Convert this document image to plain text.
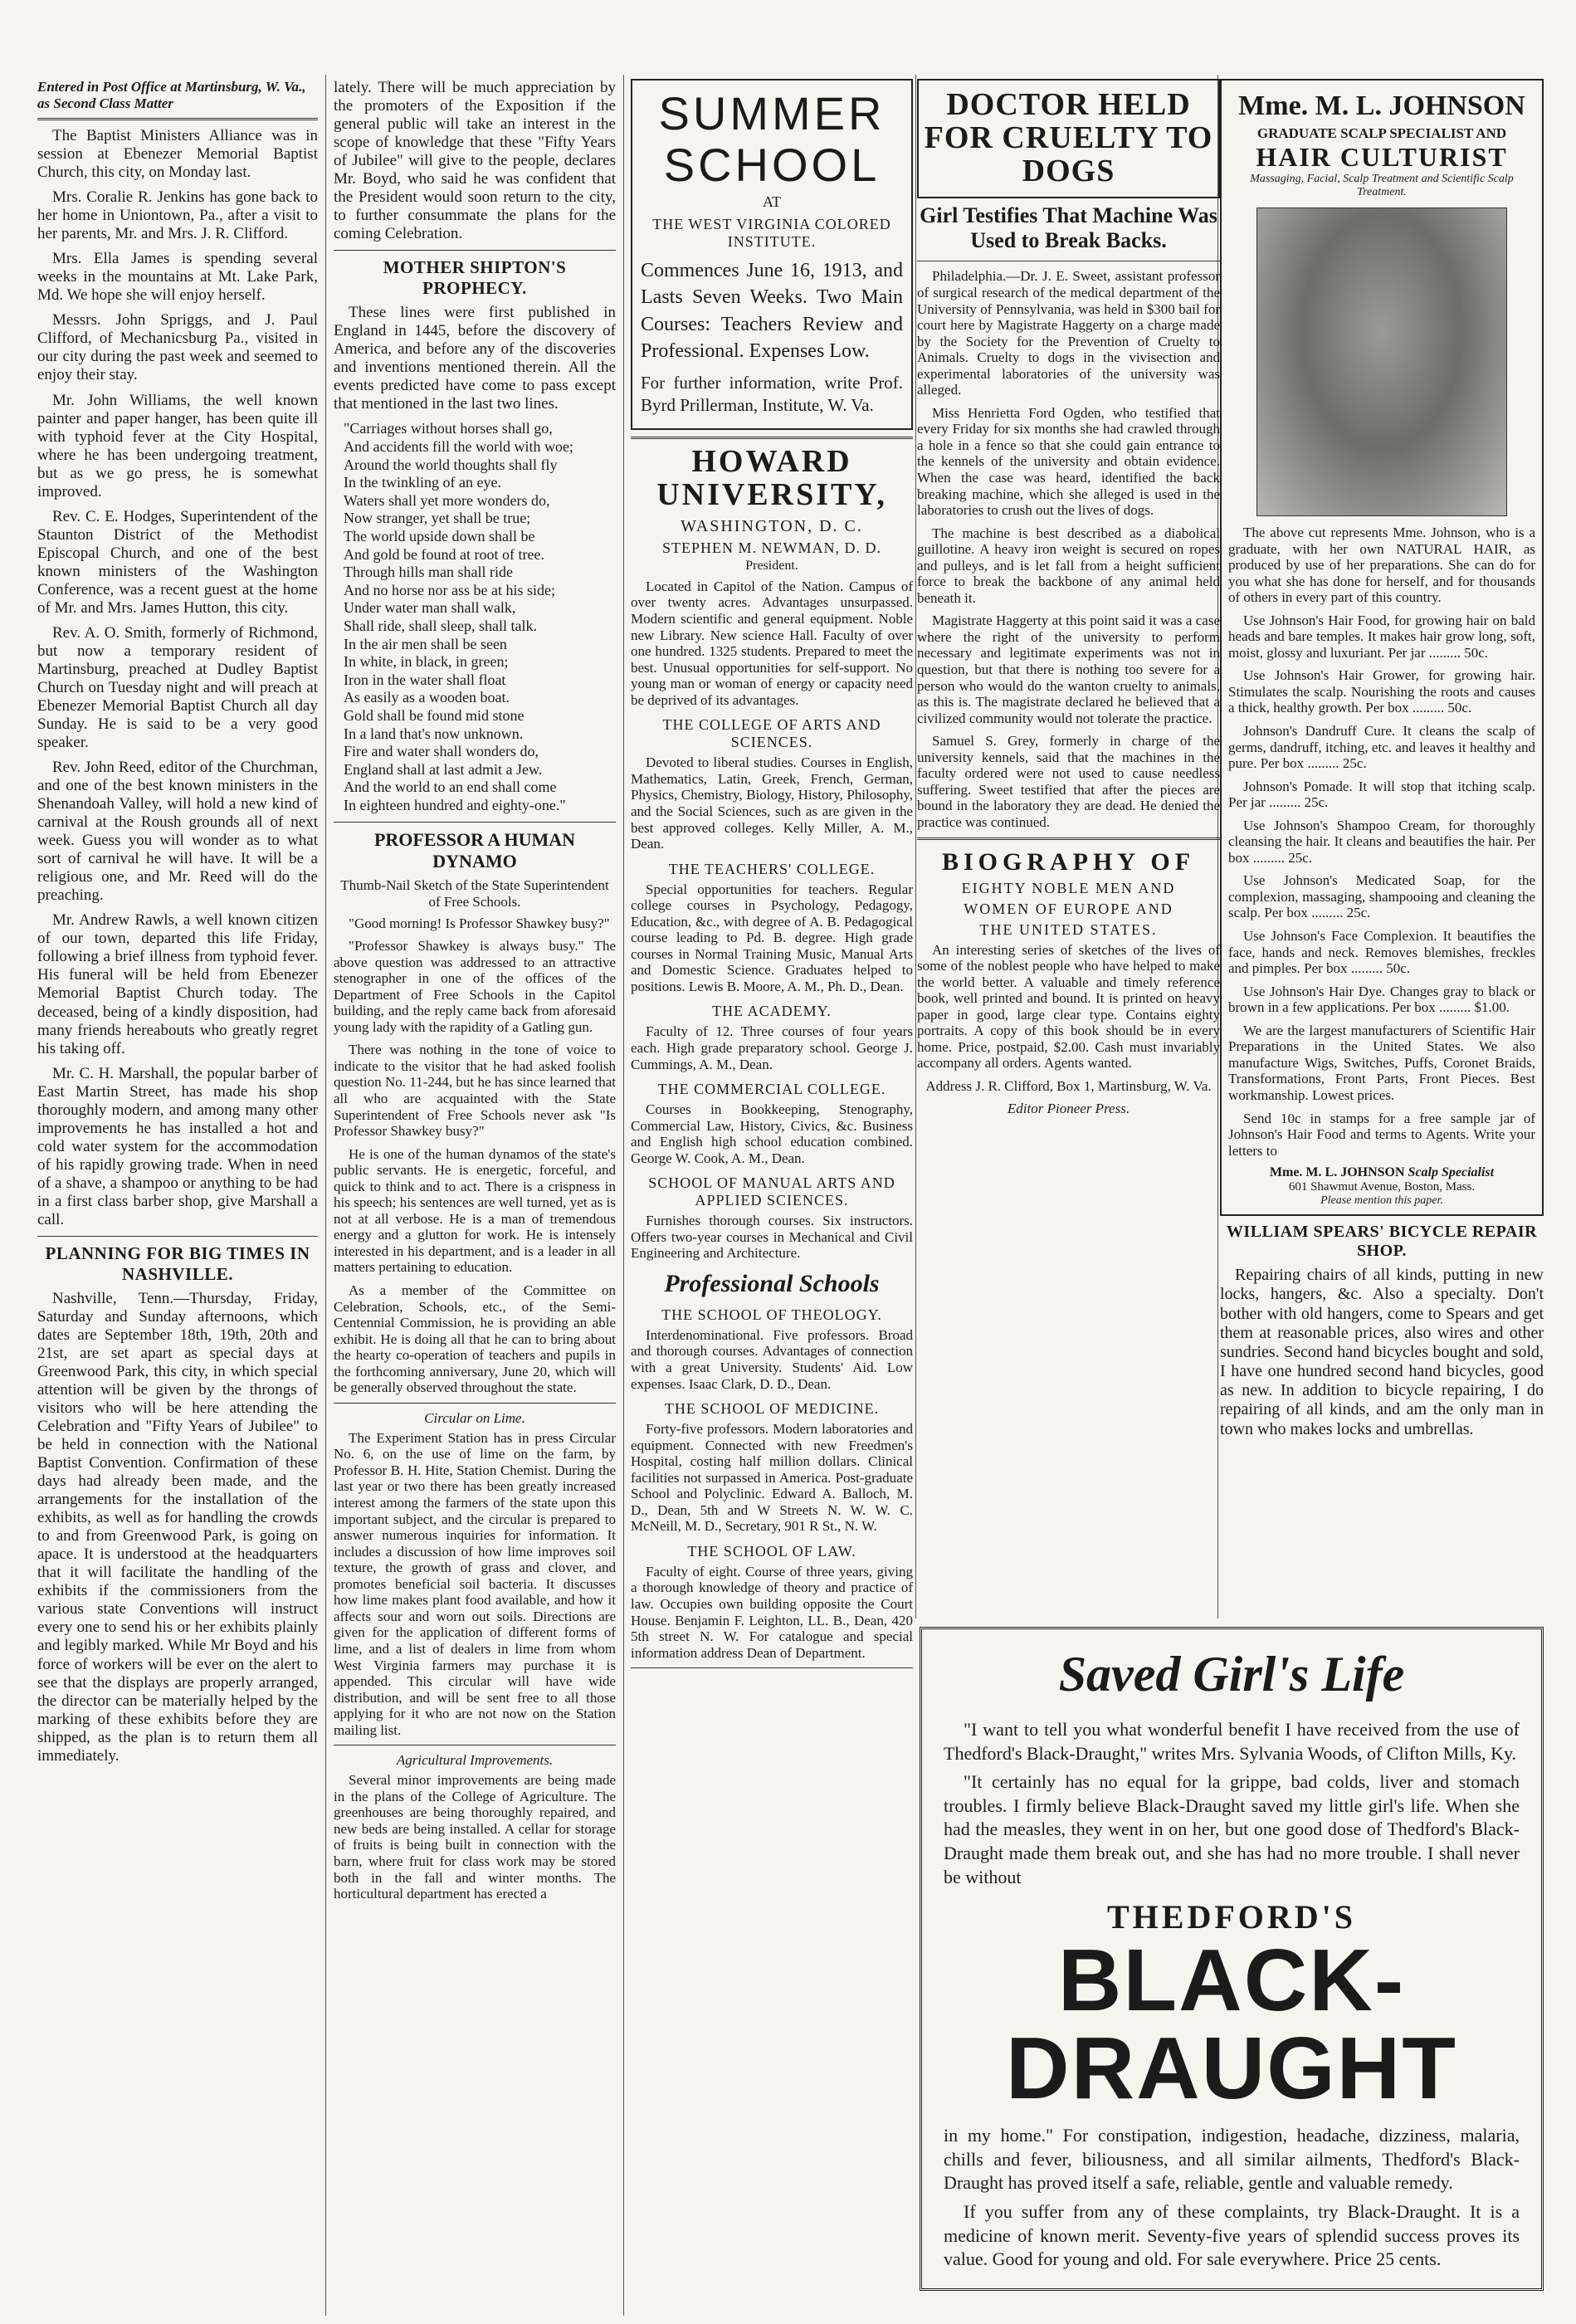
Entered in Post Office at Martinsburg, W. Va., as Second Class Matter

The Baptist Ministers Alliance was in session at Ebenezer Memorial Baptist Church, this city, on Monday last.

Mrs. Coralie R. Jenkins has gone back to her home in Uniontown, Pa., after a visit to her parents, Mr. and Mrs. J. R. Clifford.

Mrs. Ella James is spending several weeks in the mountains at Mt. Lake Park, Md. We hope she will enjoy herself.

Messrs. John Spriggs, and J. Paul Clifford, of Mechanicsburg Pa., visited in our city during the past week and seemed to enjoy their stay.

Mr. John Williams, the well known painter and paper hanger, has been quite ill with typhoid fever at the City Hospital, where he has been undergoing treatment, but as we go press, he is somewhat improved.

Rev. C. E. Hodges, Superintendent of the Staunton District of the Methodist Episcopal Church, and one of the best known ministers of the Washington Conference, was a recent guest at the home of Mr. and Mrs. James Hutton, this city.

Rev. A. O. Smith, formerly of Richmond, but now a temporary resident of Martinsburg, preached at Dudley Baptist Church on Tuesday night and will preach at Ebenezer Memorial Baptist Church all day Sunday. He is said to be a very good speaker.

Rev. John Reed, editor of the Churchman, and one of the best known ministers in the Shenandoah Valley, will hold a new kind of carnival at the Roush grounds all of next week. Guess you will wonder as to what sort of carnival he will have. It will be a religious one, and Mr. Reed will do the preaching.

Mr. Andrew Rawls, a well known citizen of our town, departed this life Friday, following a brief illness from typhoid fever. His funeral will be held from Ebenezer Memorial Baptist Church today. The deceased, being of a kindly disposition, had many friends hereabouts who greatly regret his taking off.

Mr. C. H. Marshall, the popular barber of East Martin Street, has made his shop thoroughly modern, and among many other improvements he has installed a hot and cold water system for the accommodation of his rapidly growing trade. When in need of a shave, a shampoo or anything to be had in a first class barber shop, give Marshall a call.

PLANNING FOR BIG TIMES IN NASHVILLE.

Nashville, Tenn.—Thursday, Friday, Saturday and Sunday afternoons, which dates are September 18th, 19th, 20th and 21st, are set apart as special days at Greenwood Park, this city, in which special attention will be given by the throngs of visitors who will be here attending the Celebration and "Fifty Years of Jubilee" to be held in connection with the National Baptist Convention. Confirmation of these days had already been made, and the arrangements for the installation of the exhibits, as well as for handling the crowds to and from Greenwood Park, is going on apace. It is understood at the headquarters that it will facilitate the handling of the exhibits if the commissioners from the various state Conventions will instruct every one to send his or her exhibits plainly and legibly marked. While Mr Boyd and his force of workers will be ever on the alert to see that the displays are properly arranged, the director can be materially helped by the marking of these exhibits before they are shipped, as the plan is to return them all immediately.

lately. There will be much appreciation by the promoters of the Exposition if the general public will take an interest in the scope of knowledge that these "Fifty Years of Jubilee" will give to the people, declares Mr. Boyd, who said he was confident that the President would soon return to the city, to further consummate the plans for the coming Celebration.

MOTHER SHIPTON'S PROPHECY.

These lines were first published in England in 1445, before the discovery of America, and before any of the discoveries and inventions mentioned therein. All the events predicted have come to pass except that mentioned in the last two lines.

"Carriages without horses shall go,
And accidents fill the world with woe;
Around the world thoughts shall fly
In the twinkling of an eye.
Waters shall yet more wonders do,
Now stranger, yet shall be true;
The world upside down shall be
And gold be found at root of tree.
Through hills man shall ride
And no horse nor ass be at his side;
Under water man shall walk,
Shall ride, shall sleep, shall talk.
In the air men shall be seen
In white, in black, in green;
Iron in the water shall float
As easily as a wooden boat.
Gold shall be found mid stone
In a land that's now unknown.
Fire and water shall wonders do,
England shall at last admit a Jew.
And the world to an end shall come
In eighteen hundred and eighty-one."
PROFESSOR A HUMAN DYNAMO
Thumb-Nail Sketch of the State Superintendent of Free Schools.

"Good morning! Is Professor Shawkey busy?"

"Professor Shawkey is always busy." The above question was addressed to an attractive stenographer in one of the offices of the Department of Free Schools in the Capitol building, and the reply came back from aforesaid young lady with the rapidity of a Gatling gun.

There was nothing in the tone of voice to indicate to the visitor that he had asked foolish question No. 11-244, but he has since learned that all who are acquainted with the State Superintendent of Free Schools never ask "Is Professor Shawkey busy?"

He is one of the human dynamos of the state's public servants. He is energetic, forceful, and quick to think and to act. There is a crispness in his speech; his sentences are well turned, yet as is not at all verbose. He is a man of tremendous energy and a glutton for work. He is intensely interested in his department, and is a leader in all matters pertaining to education.

As a member of the Committee on Celebration, Schools, etc., of the Semi-Centennial Commission, he is providing an able exhibit. He is doing all that he can to bring about the hearty co-operation of teachers and pupils in the forthcoming anniversary, June 20, which will be generally observed throughout the state.

Circular on Lime.

The Experiment Station has in press Circular No. 6, on the use of lime on the farm, by Professor B. H. Hite, Station Chemist. During the last year or two there has been greatly increased interest among the farmers of the state upon this important subject, and the circular is prepared to answer numerous inquiries for information. It includes a discussion of how lime improves soil texture, the growth of grass and clover, and promotes beneficial soil bacteria. It discusses how lime makes plant food available, and how it affects sour and worn out soils. Directions are given for the application of different forms of lime, and a list of dealers in lime from whom West Virginia farmers may purchase it is appended. This circular will have wide distribution, and will be sent free to all those applying for it who are not now on the Station mailing list.

Agricultural Improvements.

Several minor improvements are being made in the plans of the College of Agriculture. The greenhouses are being thoroughly repaired, and new beds are being installed. A cellar for storage of fruits is being built in connection with the barn, where fruit for class work may be stored both in the fall and winter months. The horticultural department has erected a

SUMMER
SCHOOL
AT
THE WEST VIRGINIA COLORED INSTITUTE.

Commences June 16, 1913, and Lasts Seven Weeks. Two Main Courses: Teachers Review and Professional. Expenses Low.

For further information, write Prof. Byrd Prillerman, Institute, W. Va.

HOWARD UNIVERSITY,
WASHINGTON, D. C.
STEPHEN M. NEWMAN, D. D.
President.

Located in Capitol of the Nation. Campus of over twenty acres. Advantages unsurpassed. Modern scientific and general equipment. Noble new Library. New science Hall. Faculty of over one hundred. 1325 students. Prepared to meet the best. Unusual opportunities for self-support. No young man or woman of energy or capacity need be deprived of its advantages.

THE COLLEGE OF ARTS AND SCIENCES.

Devoted to liberal studies. Courses in English, Mathematics, Latin, Greek, French, German, Physics, Chemistry, Biology, History, Philosophy, and the Social Sciences, such as are given in the best approved colleges. Kelly Miller, A. M., Dean.

THE TEACHERS' COLLEGE.

Special opportunities for teachers. Regular college courses in Psychology, Pedagogy, Education, &c., with degree of A. B. Pedagogical course leading to Pd. B. degree. High grade courses in Normal Training Music, Manual Arts and Domestic Science. Graduates helped to positions. Lewis B. Moore, A. M., Ph. D., Dean.

THE ACADEMY.

Faculty of 12. Three courses of four years each. High grade preparatory school. George J. Cummings, A. M., Dean.

THE COMMERCIAL COLLEGE.

Courses in Bookkeeping, Stenography, Commercial Law, History, Civics, &c. Business and English high school education combined. George W. Cook, A. M., Dean.

SCHOOL OF MANUAL ARTS AND APPLIED SCIENCES.

Furnishes thorough courses. Six instructors. Offers two-year courses in Mechanical and Civil Engineering and Architecture.

Professional Schools
THE SCHOOL OF THEOLOGY.

Interdenominational. Five professors. Broad and thorough courses. Advantages of connection with a great University. Students' Aid. Low expenses. Isaac Clark, D. D., Dean.

THE SCHOOL OF MEDICINE.

Forty-five professors. Modern laboratories and equipment. Connected with new Freedmen's Hospital, costing half million dollars. Clinical facilities not surpassed in America. Post-graduate School and Polyclinic. Edward A. Balloch, M. D., Dean, 5th and W Streets N. W. W. C. McNeill, M. D., Secretary, 901 R St., N. W.

THE SCHOOL OF LAW.

Faculty of eight. Course of three years, giving a thorough knowledge of theory and practice of law. Occupies own building opposite the Court House. Benjamin F. Leighton, LL. B., Dean, 420 5th street N. W. For catalogue and special information address Dean of Department.

DOCTOR HELD FOR CRUELTY TO DOGS
Girl Testifies That Machine Was Used to Break Backs.

Philadelphia.—Dr. J. E. Sweet, assistant professor of surgical research of the medical department of the University of Pennsylvania, was held in $300 bail for court here by Magistrate Haggerty on a charge made by the Society for the Prevention of Cruelty to Animals. Cruelty to dogs in the vivisection and experimental laboratories of the university was alleged.

Miss Henrietta Ford Ogden, who testified that every Friday for six months she had crawled through a hole in a fence so that she could gain entrance to the kennels of the university and obtain evidence. When the case was heard, identified the back breaking machine, which she alleged is used in the laboratories to crush out the lives of dogs.

The machine is best described as a diabolical guillotine. A heavy iron weight is secured on ropes and pulleys, and is let fall from a height sufficient force to break the backbone of any animal held beneath it.

Magistrate Haggerty at this point said it was a case where the right of the university to perform necessary and legitimate experiments was not in question, but that there is nothing too severe for a person who would do the wanton cruelty to animals, as this is. The magistrate declared he believed that a civilized community would not tolerate the practice.

Samuel S. Grey, formerly in charge of the university kennels, said that the machines in the faculty ordered were not used to cause needless suffering. Sweet testified that after the pieces are bound in the laboratory they are dead. He denied the practice was continued.

BIOGRAPHY OF
EIGHTY NOBLE MEN AND
WOMEN OF EUROPE AND
THE UNITED STATES.

An interesting series of sketches of the lives of some of the noblest people who have helped to make the world better. A valuable and timely reference book, well printed and bound. It is printed on heavy paper in good, large clear type. Contains eighty portraits. A copy of this book should be in every home. Price, postpaid, $2.00. Cash must invariably accompany all orders. Agents wanted.

Address J. R. Clifford, Box 1, Martinsburg, W. Va.

Editor Pioneer Press.

Mme. M. L. JOHNSON
GRADUATE SCALP SPECIALIST AND
HAIR CULTURIST
Massaging, Facial, Scalp Treatment and Scientific Scalp Treatment.

The above cut represents Mme. Johnson, who is a graduate, with her own NATURAL HAIR, as produced by use of her preparations. She can do for you what she has done for herself, and for thousands of others in every part of this country.

Use Johnson's Hair Food, for growing hair on bald heads and bare temples. It makes hair grow long, soft, moist, glossy and luxuriant. Per jar ......... 50c.

Use Johnson's Hair Grower, for growing hair. Stimulates the scalp. Nourishing the roots and causes a thick, healthy growth. Per box ......... 50c.

Johnson's Dandruff Cure. It cleans the scalp of germs, dandruff, itching, etc. and leaves it healthy and pure. Per box ......... 25c.

Johnson's Pomade. It will stop that itching scalp. Per jar ......... 25c.

Use Johnson's Shampoo Cream, for thoroughly cleansing the hair. It cleans and beautifies the hair. Per box ......... 25c.

Use Johnson's Medicated Soap, for the complexion, massaging, shampooing and cleaning the scalp. Per box ......... 25c.

Use Johnson's Face Complexion. It beautifies the face, hands and neck. Removes blemishes, freckles and pimples. Per box ......... 50c.

Use Johnson's Hair Dye. Changes gray to black or brown in a few applications. Per box ......... $1.00.

We are the largest manufacturers of Scientific Hair Preparations in the United States. We also manufacture Wigs, Switches, Puffs, Coronet Braids, Transformations, Front Parts, Front Pieces. Best workmanship. Lowest prices.

Send 10c in stamps for a free sample jar of Johnson's Hair Food and terms to Agents. Write your letters to

Mme. M. L. JOHNSON Scalp Specialist
601 Shawmut Avenue, Boston, Mass.
Please mention this paper.
WILLIAM SPEARS' BICYCLE REPAIR SHOP.

Repairing chairs of all kinds, putting in new locks, hangers, &c. Also a specialty. Don't bother with old hangers, come to Spears and get them at reasonable prices, also wires and other sundries. Second hand bicycles bought and sold, I have one hundred second hand bicycles, good as new. In addition to bicycle repairing, I do repairing of all kinds, and am the only man in town who makes locks and umbrellas.

Saved Girl's Life

"I want to tell you what wonderful benefit I have received from the use of Thedford's Black-Draught," writes Mrs. Sylvania Woods, of Clifton Mills, Ky.

"It certainly has no equal for la grippe, bad colds, liver and stomach troubles. I firmly believe Black-Draught saved my little girl's life. When she had the measles, they went in on her, but one good dose of Thedford's Black-Draught made them break out, and she has had no more trouble. I shall never be without

THEDFORD'S
BLACK-DRAUGHT

in my home." For constipation, indigestion, headache, dizziness, malaria, chills and fever, biliousness, and all similar ailments, Thedford's Black-Draught has proved itself a safe, reliable, gentle and valuable remedy.

If you suffer from any of these complaints, try Black-Draught. It is a medicine of known merit. Seventy-five years of splendid success proves its value. Good for young and old. For sale everywhere. Price 25 cents.
